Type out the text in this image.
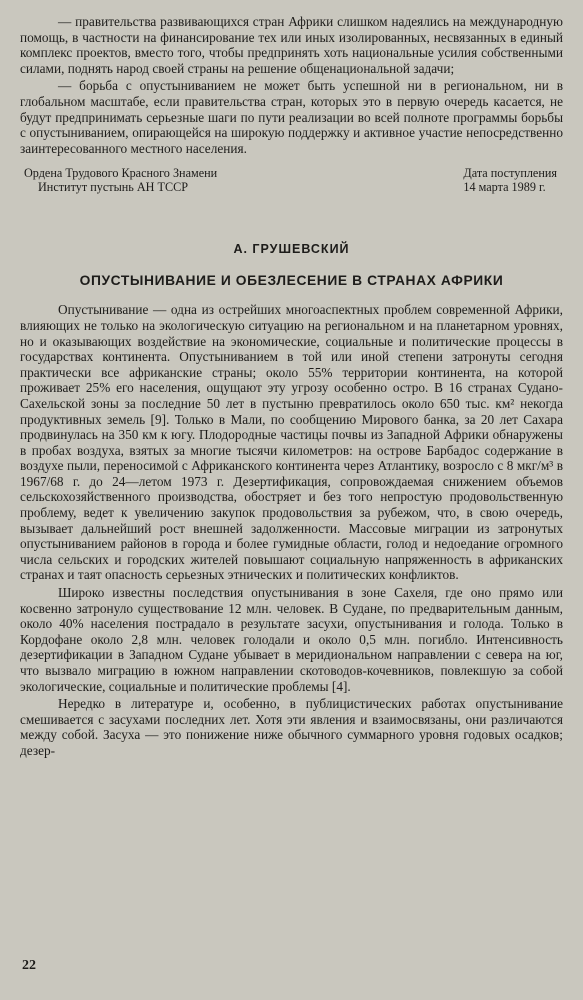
— правительства развивающихся стран Африки слишком надеялись на международную помощь, в частности на финансирование тех или иных изолированных, несвязанных в единый комплекс проектов, вместо того, чтобы предпринять хоть национальные усилия собственными силами, поднять народ своей страны на решение общенациональной задачи;

— борьба с опустыниванием не может быть успешной ни в региональном, ни в глобальном масштабе, если правительства стран, которых это в первую очередь касается, не будут предпринимать серьезные шаги по пути реализации во всей полноте программы борьбы с опустыниванием, опирающейся на широкую поддержку и активное участие непосредственно заинтересованного местного населения.

Ордена Трудового Красного Знамени
Институт пустынь АН ТССР
Дата поступления
14 марта 1989 г.
А. ГРУШЕВСКИЙ
ОПУСТЫНИВАНИЕ И ОБЕЗЛЕСЕНИЕ В СТРАНАХ АФРИКИ

Опустынивание — одна из острейших многоаспектных проблем современной Африки, влияющих не только на экологическую ситуацию на региональном и на планетарном уровнях, но и оказывающих воздействие на экономические, социальные и политические процессы в государствах континента. Опустыниванием в той или иной степени затронуты сегодня практически все африканские страны; около 55% территории континента, на которой проживает 25% его населения, ощущают эту угрозу особенно остро. В 16 странах Судано-Сахельской зоны за последние 50 лет в пустыню превратилось около 650 тыс. км² некогда продуктивных земель [9]. Только в Мали, по сообщению Мирового банка, за 20 лет Сахара продвинулась на 350 км к югу. Плодородные частицы почвы из Западной Африки обнаружены в пробах воздуха, взятых за многие тысячи километров: на острове Барбадос содержание в воздухе пыли, переносимой с Африканского континента через Атлантику, возросло с 8 мкг/м³ в 1967/68 г. до 24—летом 1973 г. Дезертификация, сопровождаемая снижением объемов сельскохозяйственного производства, обостряет и без того непростую продовольственную проблему, ведет к увеличению закупок продовольствия за рубежом, что, в свою очередь, вызывает дальнейший рост внешней задолженности. Массовые миграции из затронутых опустыниванием районов в города и более гумидные области, голод и недоедание огромного числа сельских и городских жителей повышают социальную напряженность в африканских странах и таят опасность серьезных этнических и политических конфликтов.

Широко известны последствия опустынивания в зоне Сахеля, где оно прямо или косвенно затронуло существование 12 млн. человек. В Судане, по предварительным данным, около 40% населения пострадало в результате засухи, опустынивания и голода. Только в Кордофане около 2,8 млн. человек голодали и около 0,5 млн. погибло. Интенсивность дезертификации в Западном Судане убывает в меридиональном направлении с севера на юг, что вызвало миграцию в южном направлении скотоводов-кочевников, повлекшую за собой экологические, социальные и политические проблемы [4].

Нередко в литературе и, особенно, в публицистических работах опустынивание смешивается с засухами последних лет. Хотя эти явления и взаимосвязаны, они различаются между собой. Засуха — это понижение ниже обычного суммарного уровня годовых осадков; дезер-

22
